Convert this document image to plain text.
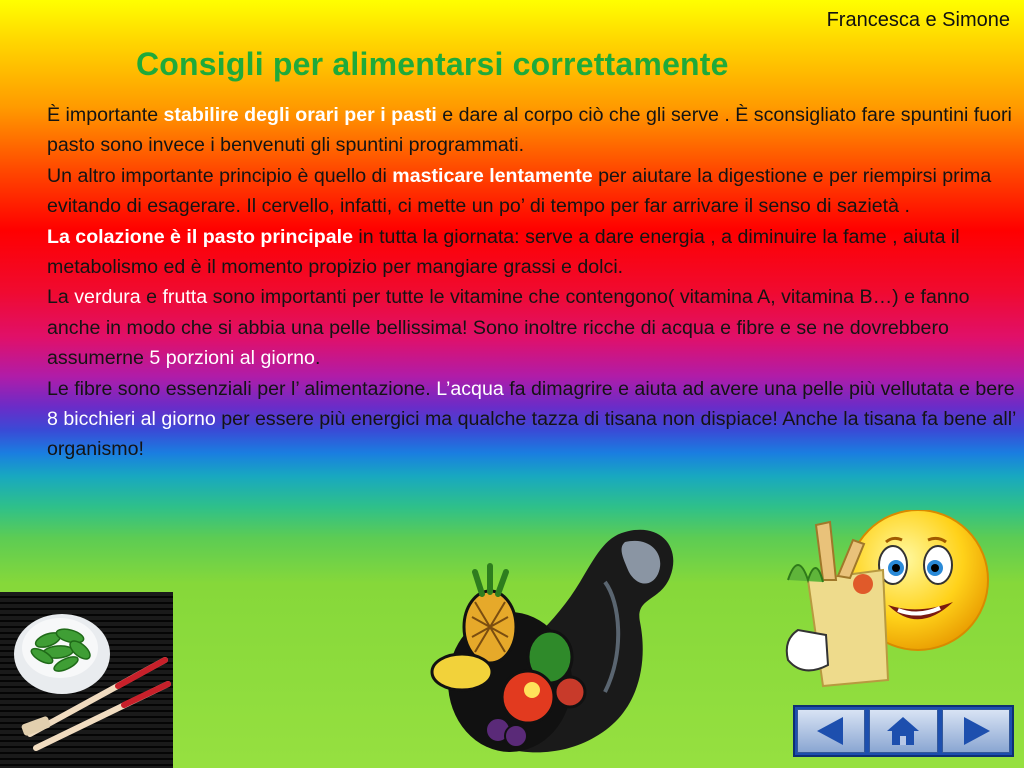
Francesca e Simone
Consigli per alimentarsi correttamente

È importante stabilire degli orari per i pasti e dare al corpo ciò che gli serve . È sconsigliato fare spuntini fuori pasto sono invece i benvenuti gli spuntini programmati.

Un altro importante principio è quello di masticare lentamente per aiutare la digestione e per riempirsi prima evitando di esagerare. Il cervello, infatti, ci mette un po’ di tempo per far arrivare il senso di sazietà .

La colazione è il pasto principale in tutta la giornata: serve a dare energia , a diminuire la fame , aiuta il metabolismo ed è il momento propizio per mangiare grassi e dolci.

La verdura e frutta sono importanti per tutte le vitamine che contengono( vitamina A, vitamina B…) e fanno anche in modo che si abbia una pelle bellissima! Sono inoltre ricche di acqua e fibre e se ne dovrebbero assumerne 5 porzioni al giorno.

Le fibre sono essenziali per l’ alimentazione. L’acqua fa dimagrire e aiuta ad avere una pelle più vellutata e bere 8 bicchieri al giorno per essere più energici ma qualche tazza di tisana non dispiace! Anche la tisana fa bene all’ organismo!
